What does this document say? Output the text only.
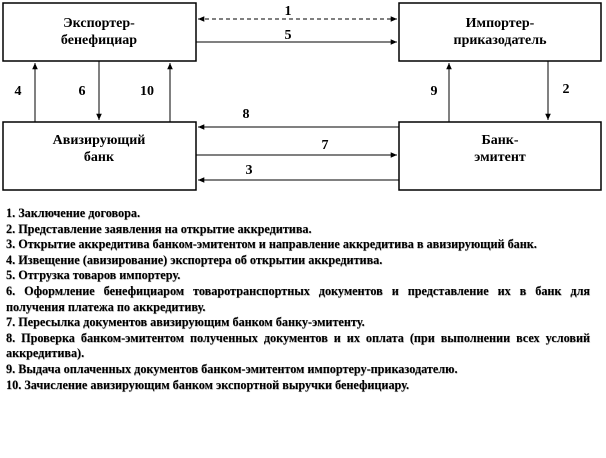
Экспортер-
бенефициар
Импортер-
приказодатель
Авизирующий
банк
Банк-
эмитент
1
5
2
9
4	6	10
8
7
3
1. Заключение договора.
2. Представление заявления на открытие аккредитива.
3. Открытие аккредитива банком-эмитентом и направление аккредитива в авизирующий банк.
4. Извещение (авизирование) экспортера об открытии аккредитива.
5. Отгрузка товаров импортеру.
6. Оформление бенефициаром товаротранспортных документов и представление их в банк для получения платежа по аккредитиву.
7. Пересылка документов авизирующим банком банку-эмитенту.
8. Проверка банком-эмитентом полученных документов и их оплата (при выполнении всех условий аккредитива).
9. Выдача оплаченных документов банком-эмитентом импортеру-приказодателю.
10. Зачисление авизирующим банком экспортной выручки бенефициару.
